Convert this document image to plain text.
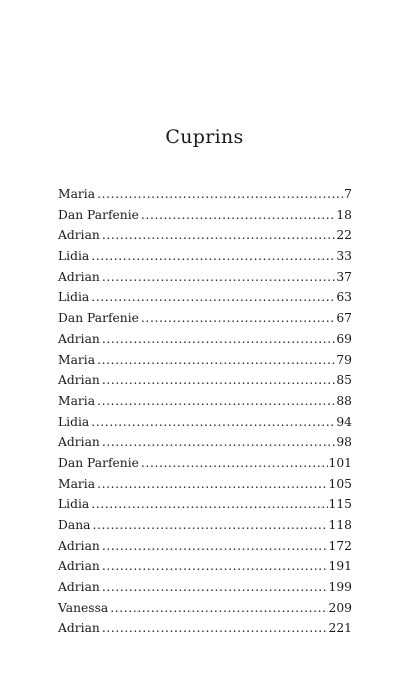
Cuprins
Maria .....	7
Dan Parfenie .....	18
Adrian .....	22
Lidia .....	33
Adrian .....	37
Lidia .....	63
Dan Parfenie .....	67
Adrian .....	69
Maria .....	79
Adrian .....	85
Maria .....	88
Lidia .....	94
Adrian .....	98
Dan Parfenie .....	101
Maria .....	105
Lidia .....	115
Dana .....	118
Adrian .....	172
Adrian .....	191
Adrian .....	199
Vanessa .....	209
Adrian .....	221
